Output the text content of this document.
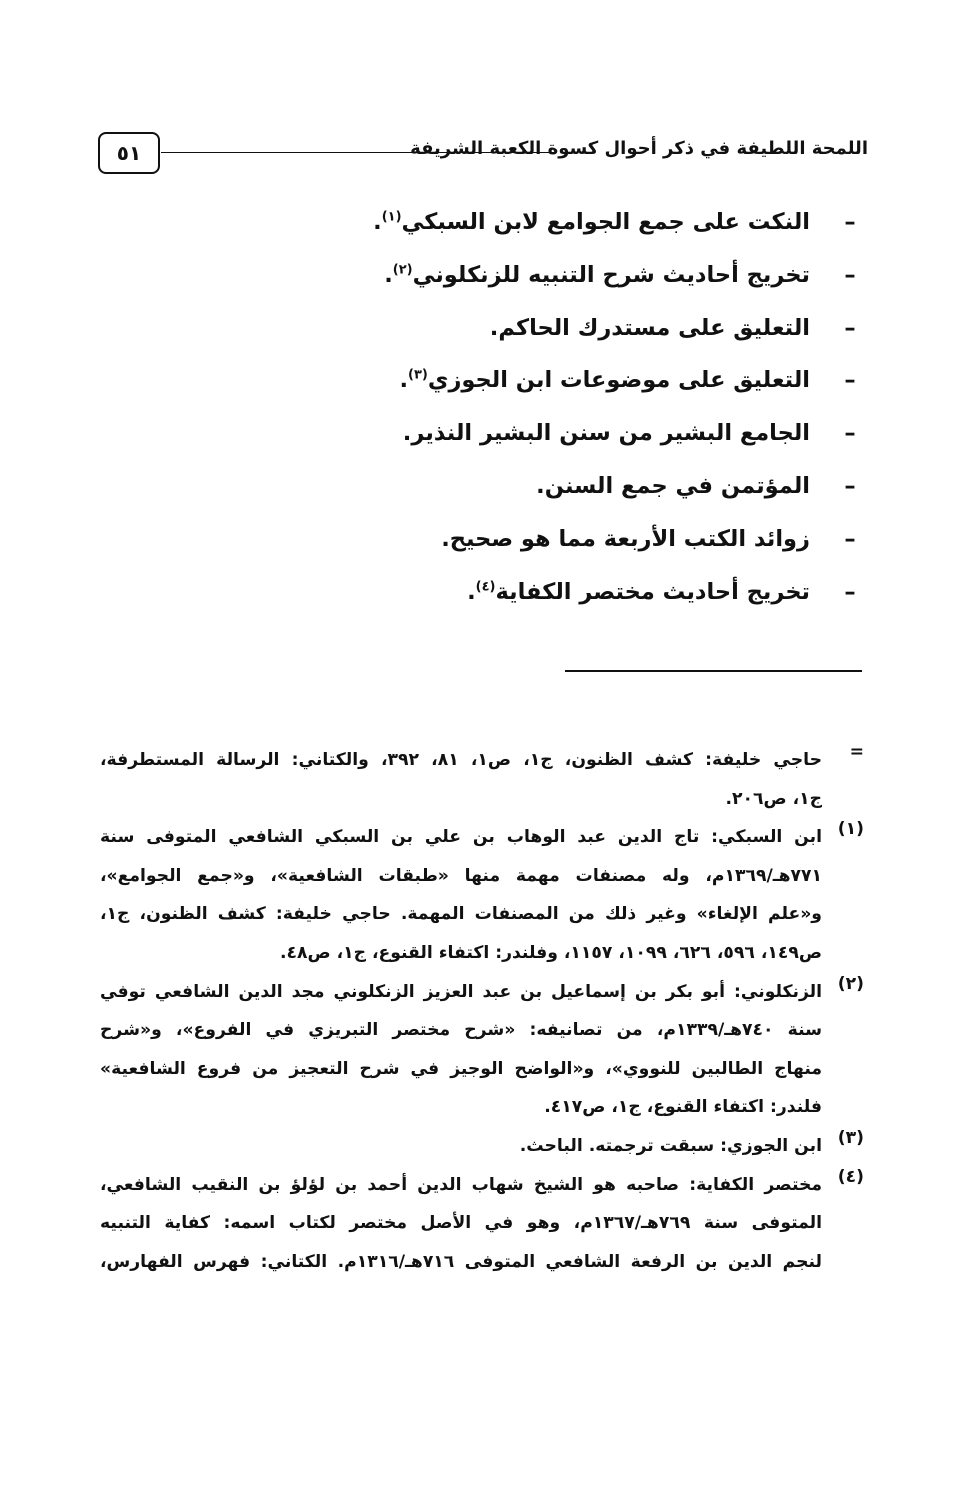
٥١	اللمحة اللطيفة في ذكر أحوال كسوة الكعبة الشريفة
–
النكت على جمع الجوامع لابن السبكي$^{(١)}$.
–
تخريج أحاديث شرح التنبيه للزنكلوني$^{(٢)}$.
–
التعليق على مستدرك الحاكم.
–
التعليق على موضوعات ابن الجوزي$^{(٣)}$.
–
الجامع البشير من سنن البشير النذير.
–
المؤتمن في جمع السنن.
–
زوائد الكتب الأربعة مما هو صحيح.
–
تخريج أحاديث مختصر الكفاية$^{(٤)}$.
=
حاجي خليفة: كشف الظنون، ج١، ص١، ٨١، ٣٩٢، والكتاني: الرسالة المستطرفة،
ج١، ص٢٠٦.
(١)
ابن السبكي: تاج الدين عبد الوهاب بن علي بن السبكي الشافعي المتوفى سنة
٧٧١هـ/١٣٦٩م، وله مصنفات مهمة منها «طبقات الشافعية»، و«جمع الجوامع»،
و«علم الإلغاء» وغير ذلك من المصنفات المهمة. حاجي خليفة: كشف الظنون، ج١،
ص١٤٩، ٥٩٦، ٦٢٦، ١٠٩٩، ١١٥٧، وفلندر: اكتفاء القنوع، ج١، ص٤٨.
(٢)
الزنكلوني: أبو بكر بن إسماعيل بن عبد العزيز الزنكلوني مجد الدين الشافعي توفي
سنة ٧٤٠هـ/١٣٣٩م، من تصانيفه: «شرح مختصر التبريزي في الفروع»، و«شرح
منهاج الطالبين للنووي»، و«الواضح الوجيز في شرح التعجيز من فروع الشافعية»
فلندر: اكتفاء القنوع، ج١، ص٤١٧.
(٣)
ابن الجوزي: سبقت ترجمته. الباحث.
(٤)
مختصر الكفاية: صاحبه هو الشيخ شهاب الدين أحمد بن لؤلؤ بن النقيب الشافعي،
المتوفى سنة ٧٦٩هـ/١٣٦٧م، وهو في الأصل مختصر لكتاب اسمه: كفاية التنبيه
لنجم الدين بن الرفعة الشافعي المتوفى ٧١٦هـ/١٣١٦م. الكتاني: فهرس الفهارس،
